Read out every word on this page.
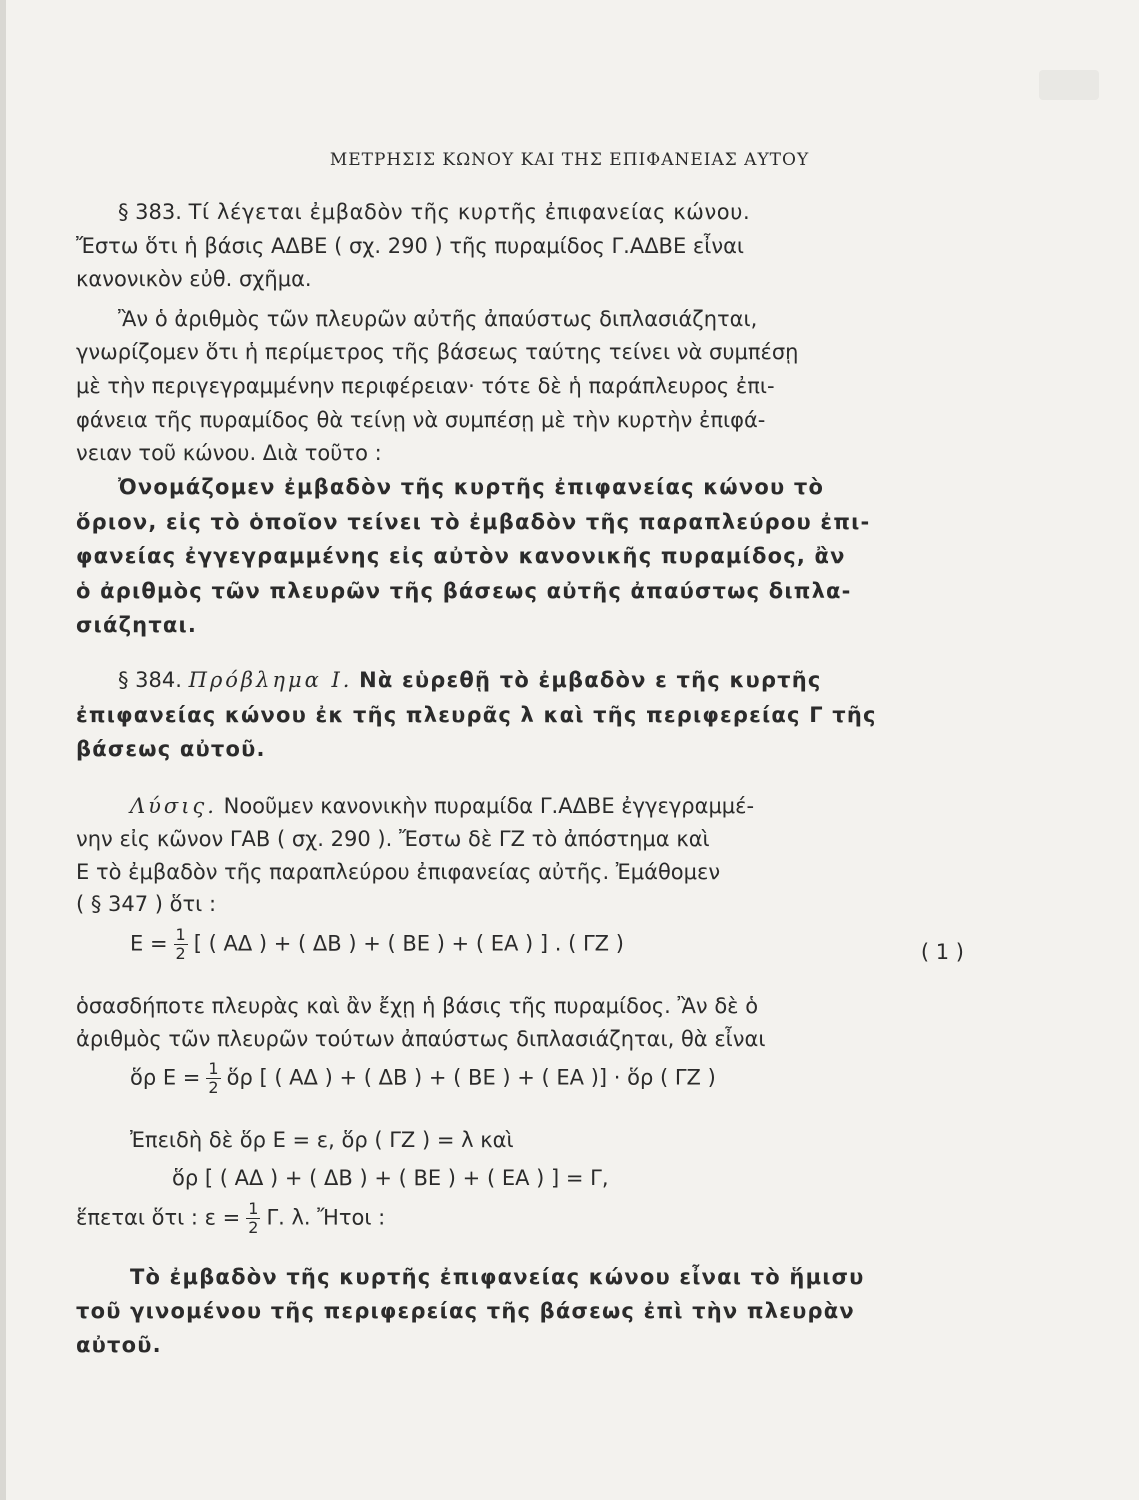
ΜΕΤΡΗΣΙΣ ΚΩΝΟΥ ΚΑΙ ΤΗΣ ΕΠΙΦΑΝΕΙΑΣ ΑΥΤΟΥ
§ 383. Τί λέγεται ἐμβαδὸν τῆς κυρτῆς ἐπιφανείας κώνου.
Ἔστω ὅτι ἡ βάσις ΑΔΒΕ ( σχ. 290 ) τῆς πυραμίδος Γ.ΑΔΒΕ εἶναι
κανονικὸν εὐθ. σχῆμα.
Ἂν ὁ ἀριθμὸς τῶν πλευρῶν αὐτῆς ἀπαύστως διπλασιάζηται,
γνωρίζομεν ὅτι ἡ περίμετρος τῆς βάσεως ταύτης τείνει νὰ συμπέσῃ
μὲ τὴν περιγεγραμμένην περιφέρειαν· τότε δὲ ἡ παράπλευρος ἐπι-
φάνεια τῆς πυραμίδος θὰ τείνῃ νὰ συμπέσῃ μὲ τὴν κυρτὴν ἐπιφά-
νειαν τοῦ κώνου. Διὰ τοῦτο :
Ὀνομάζομεν ἐμβαδὸν τῆς κυρτῆς ἐπιφανείας κώνου τὸ
ὅριον, εἰς τὸ ὁποῖον τείνει τὸ ἐμβαδὸν τῆς παραπλεύρου ἐπι-
φανείας ἐγγεγραμμένης εἰς αὐτὸν κανονικῆς πυραμίδος, ἂν
ὁ ἀριθμὸς τῶν πλευρῶν τῆς βάσεως αὐτῆς ἀπαύστως διπλα-
σιάζηται.
§ 384. Πρόβλημα I. Νὰ εὑρεθῇ τὸ ἐμβαδὸν ε τῆς κυρτῆς
ἐπιφανείας κώνου ἐκ τῆς πλευρᾶς λ καὶ τῆς περιφερείας Γ τῆς
βάσεως αὐτοῦ.
Λύσις. Νοοῦμεν κανονικὴν πυραμίδα Γ.ΑΔΒΕ ἐγγεγραμμέ-
νην εἰς κῶνον ΓΑΒ ( σχ. 290 ). Ἔστω δὲ ΓΖ τὸ ἀπόστημα καὶ
Ε τὸ ἐμβαδὸν τῆς παραπλεύρου ἐπιφανείας αὐτῆς. Ἐμάθομεν
( § 347 ) ὅτι :
$E = \frac{1}{2}$ [ ( ΑΔ ) + ( ΔΒ ) + ( ΒΕ ) + ( ΕΑ ) ] . ( ΓΖ )	( 1 )
ὁσασδήποτε πλευρὰς καὶ ἂν ἔχῃ ἡ βάσις τῆς πυραμίδος. Ἂν δὲ ὁ
ἀριθμὸς τῶν πλευρῶν τούτων ἀπαύστως διπλασιάζηται, θὰ εἶναι
ὅρ $E = \frac{1}{2}$ ὅρ [ ( ΑΔ ) + ( ΔΒ ) + ( ΒΕ ) + ( ΕΑ )] · ὅρ ( ΓΖ )
Ἐπειδὴ δὲ ὅρ Ε = ε, ὅρ ( ΓΖ ) = λ καὶ
ὅρ [ ( ΑΔ ) + ( ΔΒ ) + ( ΒΕ ) + ( ΕΑ ) ] = Γ,
ἕπεται ὅτι : $\varepsilon = \frac{1}{2} \Gamma$. λ. Ἤτοι :
Τὸ ἐμβαδὸν τῆς κυρτῆς ἐπιφανείας κώνου εἶναι τὸ ἥμισυ
τοῦ γινομένου τῆς περιφερείας τῆς βάσεως ἐπὶ τὴν πλευρὰν
αὐτοῦ.
